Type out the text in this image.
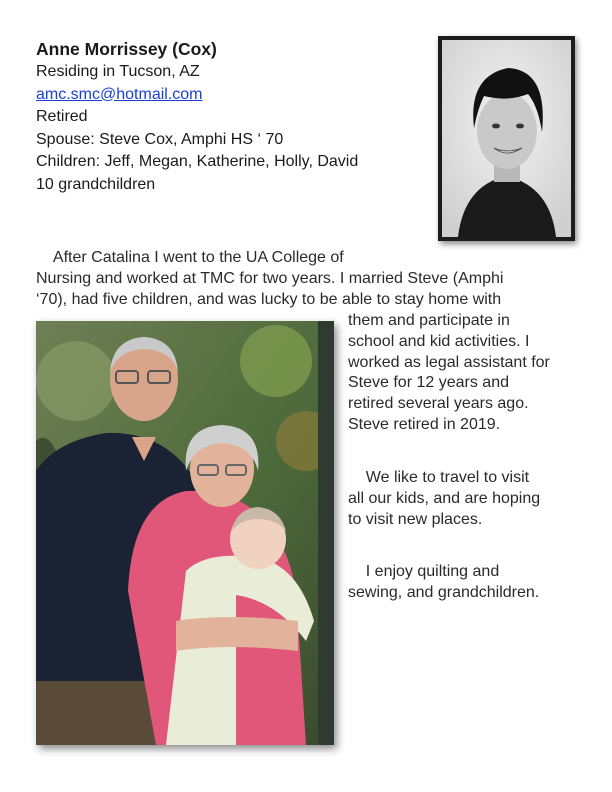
Anne Morrissey (Cox)
Residing in Tucson, AZ
amc.smc@hotmail.com
Retired
Spouse: Steve Cox, Amphi HS ‘ 70
Children: Jeff, Megan, Katherine, Holly, David
10 grandchildren
After Catalina I went to the UA College of
Nursing and worked at TMC for two years. I married Steve (Amphi
‘70), had five children, and was lucky to be able to stay home with
them and participate in
school and kid activities. I
worked as legal assistant for
Steve for 12 years and
retired several years ago.
Steve retired in 2019.
We like to travel to visit
all our kids, and are hoping
to visit new places.
I enjoy quilting and
sewing, and grandchildren.
